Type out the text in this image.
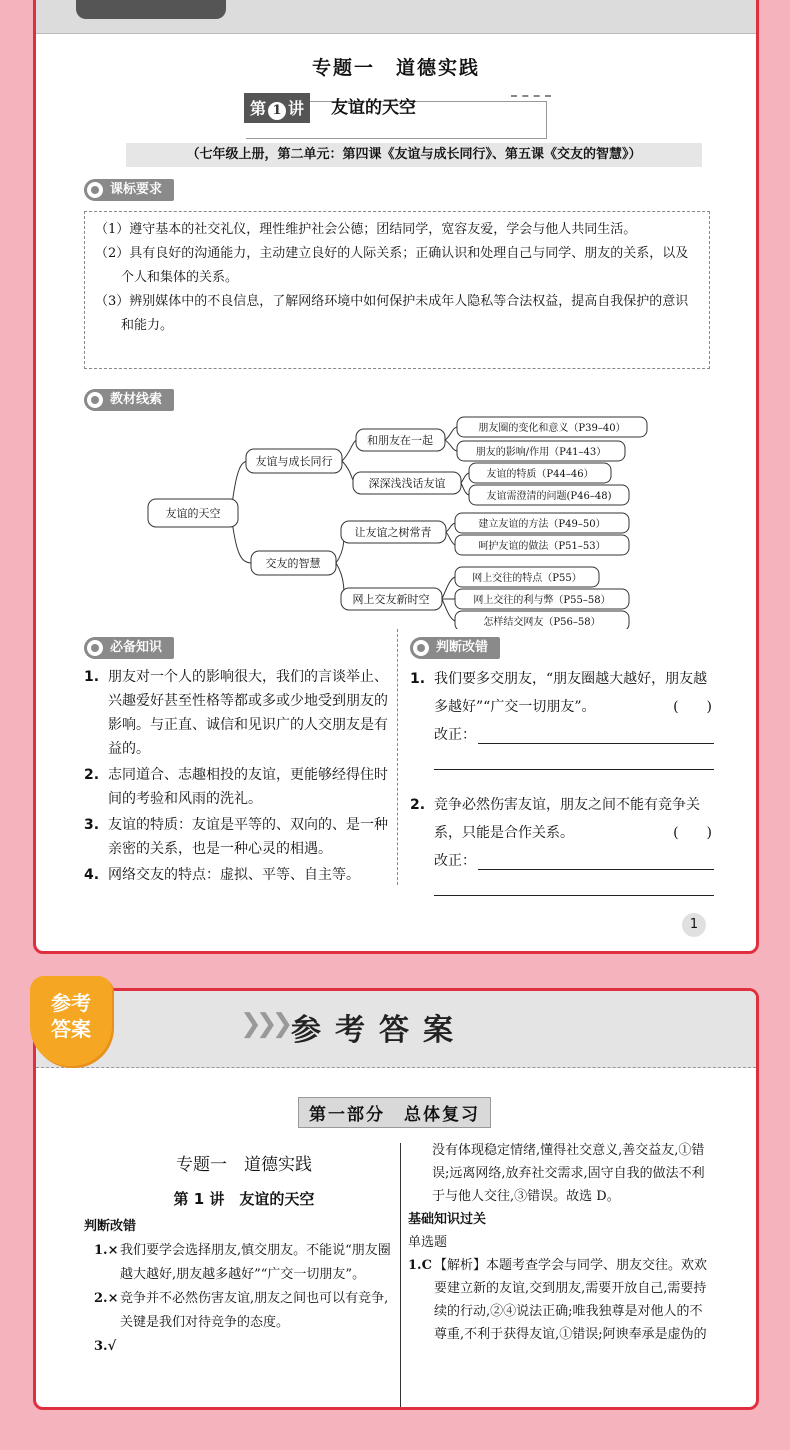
专题一　道德实践
第 1 讲	友谊的天空
（七年级上册，第二单元：第四课《友谊与成长同行》、第五课《交友的智慧》）
课标要求

（1）遵守基本的社交礼仪，理性维护社会公德；团结同学，宽容友爱，学会与他人共同生活。

（2）具有良好的沟通能力，主动建立良好的人际关系；正确认识和处理自己与同学、朋友的关系，以及个人和集体的关系。

（3）辨别媒体中的不良信息，了解网络环境中如何保护未成年人隐私等合法权益，提高自我保护的意识和能力。

教材线索
友谊的天空
友谊与成长同行
交友的智慧
和朋友在一起
深深浅浅话友谊
让友谊之树常青
网上交友新时空
朋友圈的变化和意义（P39–40）
朋友的影响/作用（P41–43）
友谊的特质（P44–46）
友谊需澄清的问题(P46–48)
建立友谊的方法（P49–50）
呵护友谊的做法（P51–53）
网上交往的特点（P55）
网上交往的利与弊（P55–58）
怎样结交网友（P56–58）
必备知识
1. 朋友对一个人的影响很大，我们的言谈举止、兴趣爱好甚至性格等都或多或少地受到朋友的影响。与正直、诚信和见识广的人交朋友是有益的。
2. 志同道合、志趣相投的友谊，更能够经得住时间的考验和风雨的洗礼。
3. 友谊的特质：友谊是平等的、双向的、是一种亲密的关系，也是一种心灵的相遇。
4. 网络交友的特点：虚拟、平等、自主等。
判断改错
1. 我们要多交朋友，“朋友圈越大越好，朋友越多越好”“广交一切朋友”。	(　　)
改正：
2. 竞争必然伤害友谊，朋友之间不能有竞争关系，只能是合作关系。	(　　)
改正：
1
❯❯❯ 参考答案
第一部分　总体复习
专题一　道德实践
第 1 讲　友谊的天空
判断改错
1.× 我们要学会选择朋友,慎交朋友。不能说“朋友圈越大越好,朋友越多越好”“广交一切朋友”。
2.× 竞争并不必然伤害友谊,朋友之间也可以有竞争,关键是我们对待竞争的态度。
3.√
没有体现稳定情绪,懂得社交意义,善交益友,①错误;远离网络,放弃社交需求,固守自我的做法不利于与他人交往,③错误。故选 D。
基础知识过关
单选题
1.C 【解析】本题考查学会与同学、朋友交往。欢欢要建立新的友谊,交到朋友,需要开放自己,需要持续的行动,②④说法正确;唯我独尊是对他人的不尊重,不利于获得友谊,①错误;阿谀奉承是虚伪的
参考
答案
